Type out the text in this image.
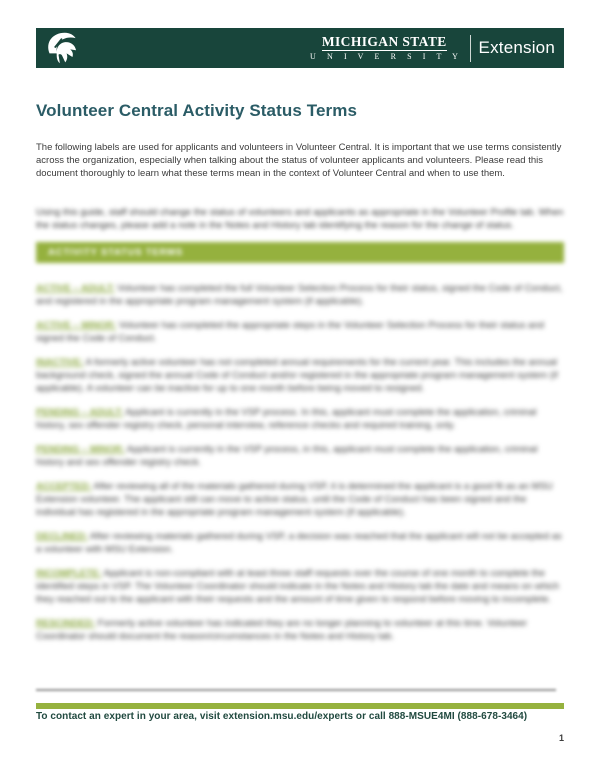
MICHIGAN STATE
U N I V E R S I T Y Extension
Volunteer Central Activity Status Terms

The following labels are used for applicants and volunteers in Volunteer Central. It is important that we use terms consistently across the organization, especially when talking about the status of volunteer applicants and volunteers. Please read this document thoroughly to learn what these terms mean in the context of Volunteer Central and when to use them.

Using this guide, staff should change the status of volunteers and applicants as appropriate in the Volunteer Profile tab. When the status changes, please add a note in the Notes and History tab identifying the reason for the change of status.

ACTIVITY STATUS TERMS

ACTIVE – ADULT: Volunteer has completed the full Volunteer Selection Process for their status, signed the Code of Conduct, and registered in the appropriate program management system (if applicable).

ACTIVE – MINOR: Volunteer has completed the appropriate steps in the Volunteer Selection Process for their status and signed the Code of Conduct.

INACTIVE: A formerly active volunteer has not completed annual requirements for the current year. This includes the annual background check, signed the annual Code of Conduct and/or registered in the appropriate program management system (if applicable). A volunteer can be inactive for up to one month before being moved to resigned.

PENDING – ADULT: Applicant is currently in the VSP process. In this, applicant must complete the application, criminal history, sex offender registry check, personal interview, reference checks and required training, only.

PENDING – MINOR: Applicant is currently in the VSP process, in this, applicant must complete the application, criminal history and sex offender registry check.

ACCEPTED: After reviewing all of the materials gathered during VSP, it is determined the applicant is a good fit as an MSU Extension volunteer. The applicant still can move to active status, until the Code of Conduct has been signed and the individual has registered in the appropriate program management system (if applicable).

DECLINED: After reviewing materials gathered during VSP, a decision was reached that the applicant will not be accepted as a volunteer with MSU Extension.

INCOMPLETE: Applicant is non-compliant with at least three staff requests over the course of one month to complete the identified steps in VSP. The Volunteer Coordinator should indicate in the Notes and History tab the date and means on which they reached out to the applicant with their requests and the amount of time given to respond before moving to incomplete.

RESCINDED: Formerly active volunteer has indicated they are no longer planning to volunteer at this time. Volunteer Coordinator should document the reason/circumstances in the Notes and History tab.

To contact an expert in your area, visit extension.msu.edu/experts or call 888-MSUE4MI (888-678-3464)
1
